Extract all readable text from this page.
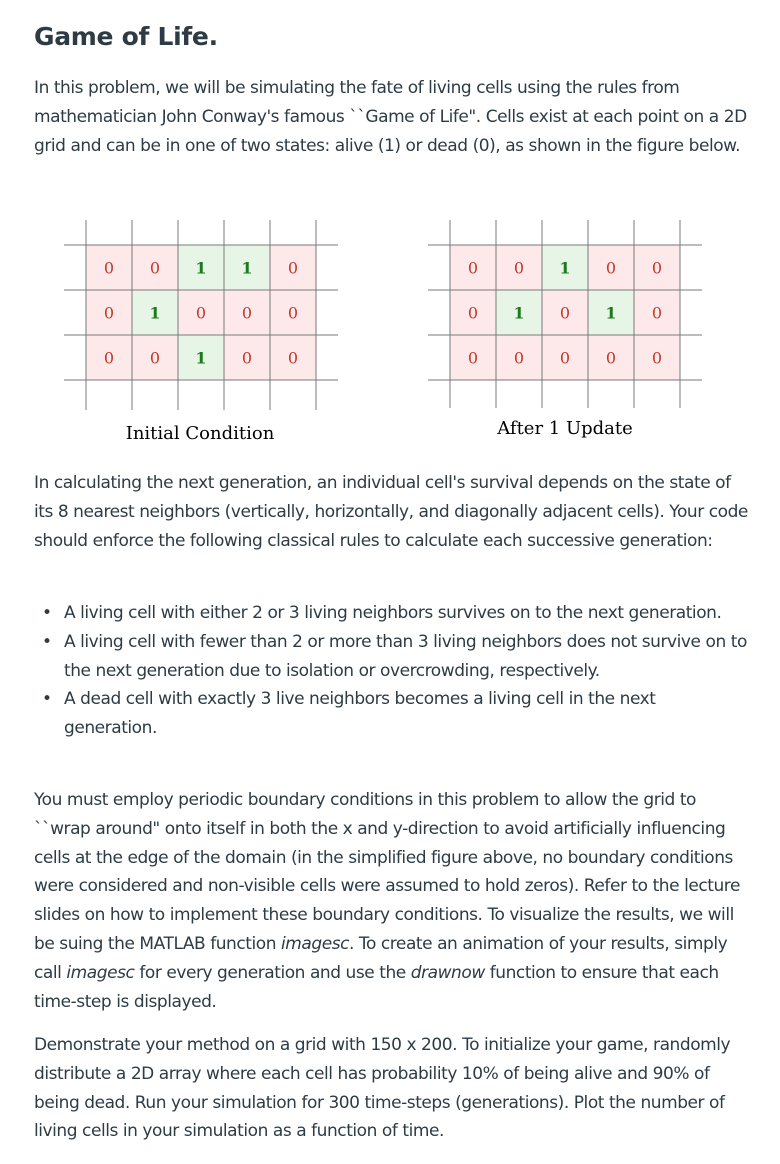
Game of Life.

In this problem, we will be simulating the fate of living cells using the rules from mathematician John Conway's famous ``Game of Life". Cells exist at each point on a 2D grid and can be in one of two states: alive (1) or dead (0), as shown in the figure below.

0 0 1 1 0
0 1 0 0 0
0 0 1 0 0
0 0 1 0 0
0 1 0 1 0
0 0 0 0 0
Initial Condition	After 1 Update

In calculating the next generation, an individual cell's survival depends on the state of its 8 nearest neighbors (vertically, horizontally, and diagonally adjacent cells). Your code should enforce the following classical rules to calculate each successive generation:

• A living cell with either 2 or 3 living neighbors survives on to the next generation.
• A living cell with fewer than 2 or more than 3 living neighbors does not survive on to the next generation due to isolation or overcrowding, respectively.
• A dead cell with exactly 3 live neighbors becomes a living cell in the next generation.

You must employ periodic boundary conditions in this problem to allow the grid to ``wrap around" onto itself in both the x and y-direction to avoid artificially influencing cells at the edge of the domain (in the simplified figure above, no boundary conditions were considered and non-visible cells were assumed to hold zeros). Refer to the lecture slides on how to implement these boundary conditions. To visualize the results, we will be suing the MATLAB function imagesc. To create an animation of your results, simply call imagesc for every generation and use the drawnow function to ensure that each time-step is displayed.

Demonstrate your method on a grid with 150 x 200. To initialize your game, randomly distribute a 2D array where each cell has probability 10% of being alive and 90% of being dead. Run your simulation for 300 time-steps (generations). Plot the number of living cells in your simulation as a function of time.
